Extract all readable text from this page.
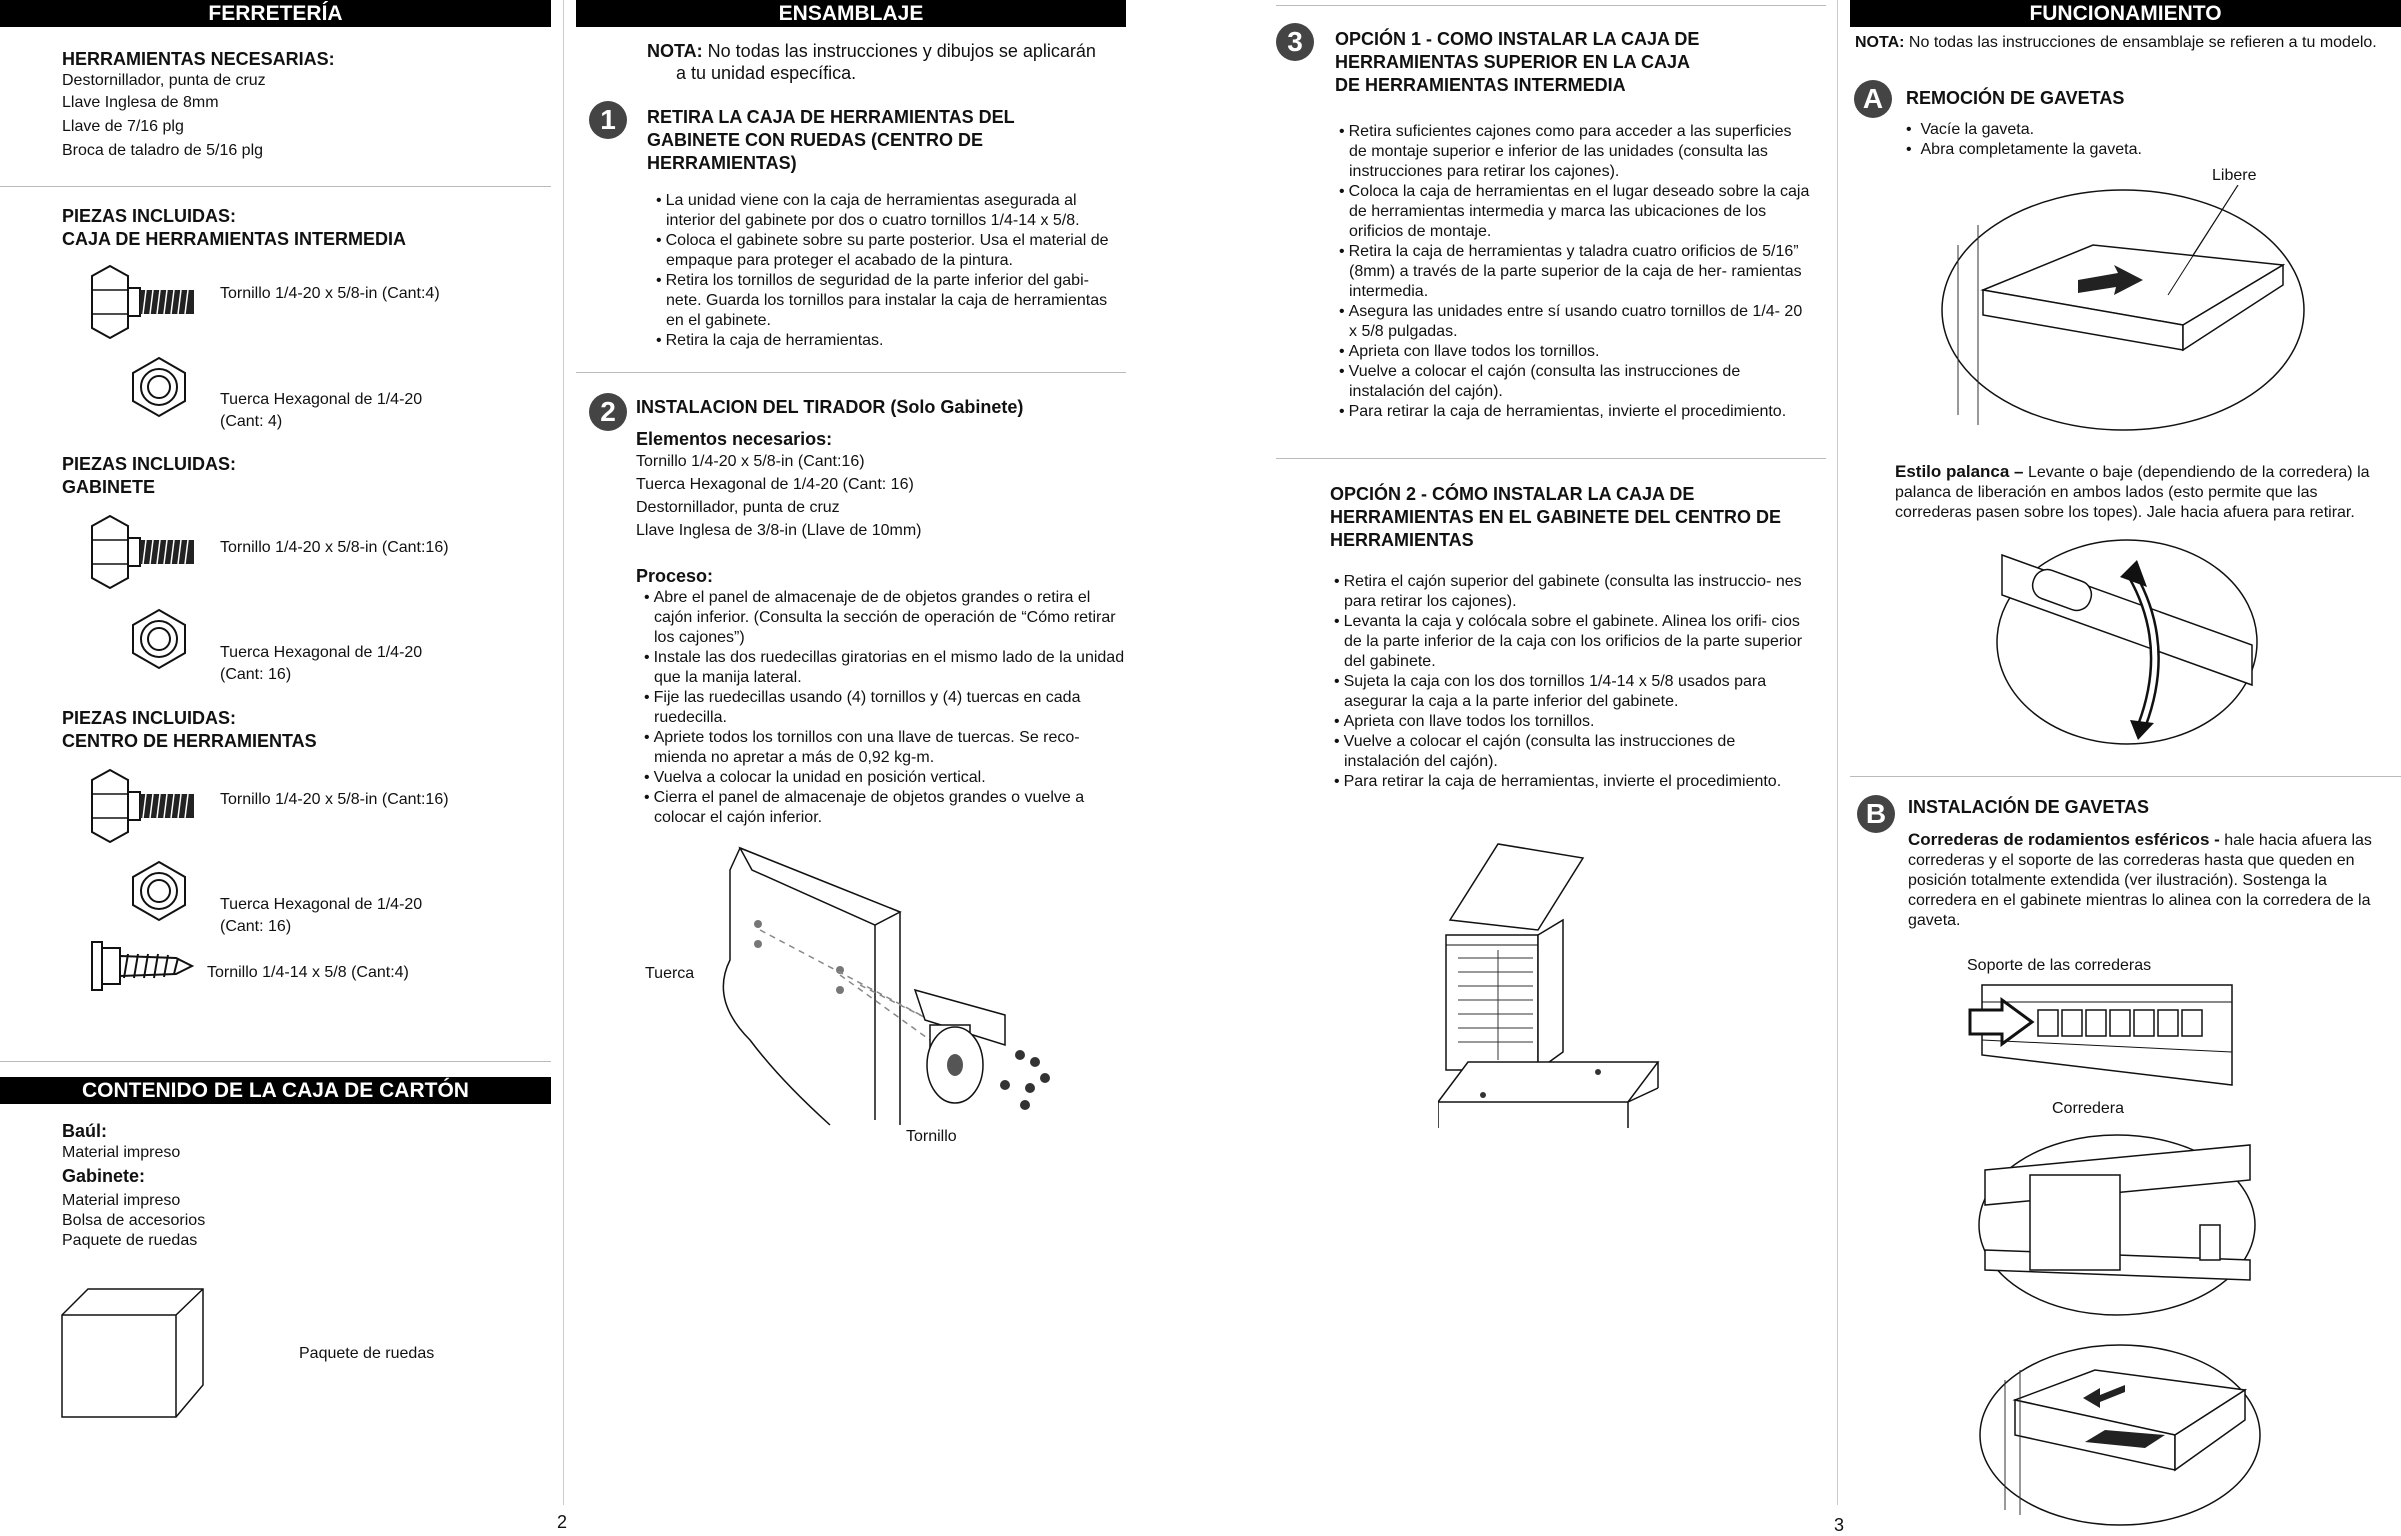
FERRETERÍA
HERRAMIENTAS NECESARIAS:
Destornillador, punta de cruz
Llave Inglesa de 8mm
Llave de 7/16 plg
Broca de taladro de 5/16 plg
PIEZAS INCLUIDAS:
CAJA DE HERRAMIENTAS INTERMEDIA
Tornillo 1/4-20 x 5/8-in (Cant:4)
Tuerca Hexagonal de 1/4-20
(Cant: 4)
PIEZAS INCLUIDAS:
GABINETE
Tornillo 1/4-20 x 5/8-in (Cant:16)
Tuerca Hexagonal de 1/4-20
(Cant: 16)
PIEZAS INCLUIDAS:
CENTRO DE HERRAMIENTAS
Tornillo 1/4-20 x 5/8-in (Cant:16)
Tuerca Hexagonal de 1/4-20
(Cant: 16)
Tornillo 1/4-14 x 5/8 (Cant:4)
CONTENIDO DE LA CAJA DE CARTÓN
Baúl:
Material impreso
Gabinete:
Material impreso
Bolsa de accesorios
Paquete de ruedas
Paquete de ruedas
2
ENSAMBLAJE
NOTA: No todas las instrucciones y dibujos se aplicarán
a tu unidad específica.
1	RETIRA LA CAJA DE HERRAMIENTAS DEL
GABINETE CON RUEDAS (CENTRO DE
HERRAMIENTAS)
• La unidad viene con la caja de herramientas asegurada al interior del gabinete por dos o cuatro tornillos 1/4-14 x 5/8.
• Coloca el gabinete sobre su parte posterior. Usa el material de empaque para proteger el acabado de la pintura.
• Retira los tornillos de seguridad de la parte inferior del gabi- nete. Guarda los tornillos para instalar la caja de herramientas en el gabinete.
• Retira la caja de herramientas.
2	INSTALACION DEL TIRADOR (Solo Gabinete)
Elementos necesarios:
Tornillo 1/4-20 x 5/8-in (Cant:16)
Tuerca Hexagonal de 1/4-20 (Cant: 16)
Destornillador, punta de cruz
Llave Inglesa de 3/8-in (Llave de 10mm)
Proceso:
• Abre el panel de almacenaje de de objetos grandes o retira el cajón inferior. (Consulta la sección de operación de “Cómo retirar los cajones”)
• Instale las dos ruedecillas giratorias en el mismo lado de la unidad que la manija lateral.
• Fije las ruedecillas usando (4) tornillos y (4) tuercas en cada ruedecilla.
• Apriete todos los tornillos con una llave de tuercas. Se reco- mienda no apretar a más de 0,92 kg-m.
• Vuelva a colocar la unidad en posición vertical.
• Cierra el panel de almacenaje de objetos grandes o vuelve a colocar el cajón inferior.
Tuerca
Tornillo
3	OPCIÓN 1 - COMO INSTALAR LA CAJA DE
HERRAMIENTAS SUPERIOR EN LA CAJA
DE HERRAMIENTAS INTERMEDIA
• Retira suficientes cajones como para acceder a las superficies de montaje superior e inferior de las unidades (consulta las instrucciones para retirar los cajones).
• Coloca la caja de herramientas en el lugar deseado sobre la caja de herramientas intermedia y marca las ubicaciones de los orificios de montaje.
• Retira la caja de herramientas y taladra cuatro orificios de 5/16” (8mm) a través de la parte superior de la caja de her- ramientas intermedia.
• Asegura las unidades entre sí usando cuatro tornillos de 1/4- 20 x 5/8 pulgadas.
• Aprieta con llave todos los tornillos.
• Vuelve a colocar el cajón (consulta las instrucciones de instalación del cajón).
• Para retirar la caja de herramientas, invierte el procedimiento.
OPCIÓN 2 - CÓMO INSTALAR LA CAJA DE
HERRAMIENTAS EN EL GABINETE DEL CENTRO DE
HERRAMIENTAS
• Retira el cajón superior del gabinete (consulta las instruccio- nes para retirar los cajones).
• Levanta la caja y colócala sobre el gabinete. Alinea los orifi- cios de la parte inferior de la caja con los orificios de la parte superior del gabinete.
• Sujeta la caja con los dos tornillos 1/4-14 x 5/8 usados para asegurar la caja a la parte inferior del gabinete.
• Aprieta con llave todos los tornillos.
• Vuelve a colocar el cajón (consulta las instrucciones de instalación del cajón).
• Para retirar la caja de herramientas, invierte el procedimiento.
3
FUNCIONAMIENTO
NOTA: No todas las instrucciones de ensamblaje se refieren a tu modelo.
A	REMOCIÓN DE GAVETAS
•  Vacíe la gaveta.
•  Abra completamente la gaveta.
Libere
Estilo palanca – Levante o baje (dependiendo de la corredera) la palanca de liberación en ambos lados (esto permite que las correderas pasen sobre los topes). Jale hacia afuera para retirar.
B	INSTALACIÓN DE GAVETAS
Correderas de rodamientos esféricos - hale hacia afuera las correderas y el soporte de las correderas hasta que queden en posición totalmente extendida (ver ilustración). Sostenga la corredera en el gabinete mientras lo alinea con la corredera de la gaveta.
Soporte de las correderas
Corredera
